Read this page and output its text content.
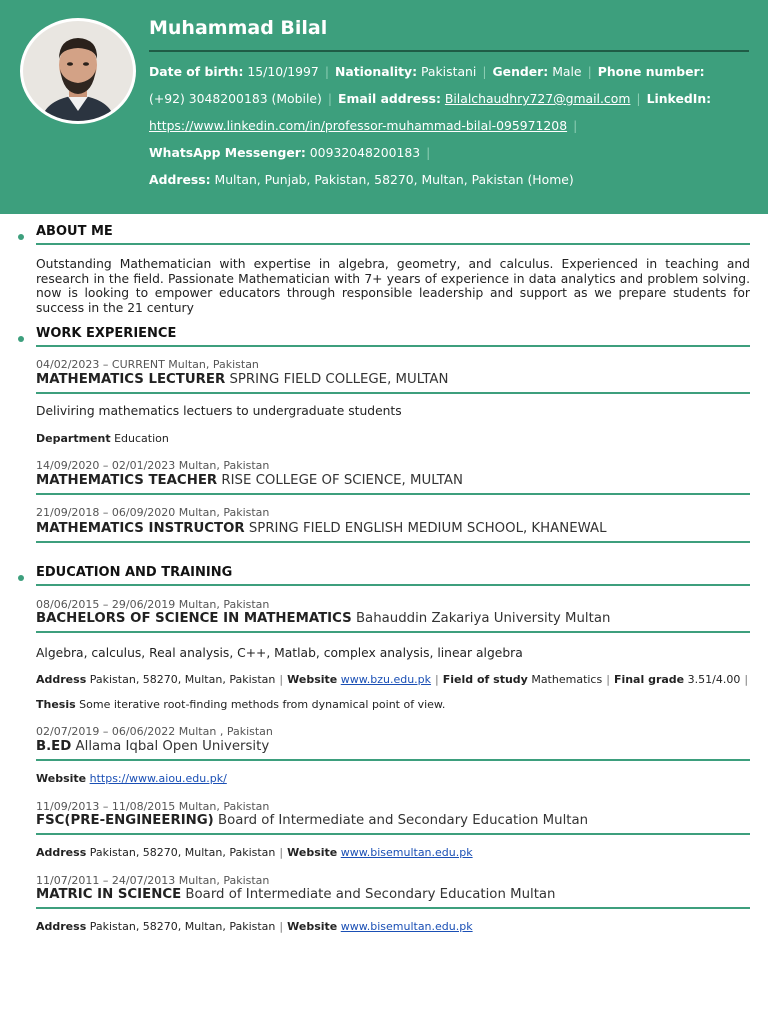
Muhammad Bilal
Date of birth: 15/10/1997 | Nationality: Pakistani | Gender: Male | Phone number:
(+92) 3048200183 (Mobile) | Email address: Bilalchaudhry727@gmail.com | LinkedIn:
https://www.linkedin.com/in/professor-muhammad-bilal-095971208 |
WhatsApp Messenger: 00932048200183 |
Address: Multan, Punjab, Pakistan, 58270, Multan, Pakistan (Home)
ABOUT ME
Outstanding Mathematician with expertise in algebra, geometry, and calculus. Experienced in teaching and research in the field. Passionate Mathematician with 7+ years of experience in data analytics and problem solving. now is looking to empower educators through responsible leadership and support as we prepare students for success in the 21 century
WORK EXPERIENCE
04/02/2023 – CURRENT Multan, Pakistan
MATHEMATICS LECTURER SPRING FIELD COLLEGE, MULTAN
Deliviring mathematics lectuers to undergraduate students
Department Education
14/09/2020 – 02/01/2023 Multan, Pakistan
MATHEMATICS TEACHER RISE COLLEGE OF SCIENCE, MULTAN
21/09/2018 – 06/09/2020 Multan, Pakistan
MATHEMATICS INSTRUCTOR SPRING FIELD ENGLISH MEDIUM SCHOOL, KHANEWAL
EDUCATION AND TRAINING
08/06/2015 – 29/06/2019 Multan, Pakistan
BACHELORS OF SCIENCE IN MATHEMATICS Bahauddin Zakariya University Multan
Algebra, calculus, Real analysis, C++, Matlab, complex analysis, linear algebra
Address Pakistan, 58270, Multan, Pakistan | Website www.bzu.edu.pk | Field of study Mathematics | Final grade 3.51/4.00 |
Thesis Some iterative root-finding methods from dynamical point of view.
02/07/2019 – 06/06/2022 Multan , Pakistan
B.ED Allama Iqbal Open University
Website https://www.aiou.edu.pk/
11/09/2013 – 11/08/2015 Multan, Pakistan
FSC(PRE-ENGINEERING) Board of Intermediate and Secondary Education Multan
Address Pakistan, 58270, Multan, Pakistan | Website www.bisemultan.edu.pk
11/07/2011 – 24/07/2013 Multan, Pakistan
MATRIC IN SCIENCE Board of Intermediate and Secondary Education Multan
Address Pakistan, 58270, Multan, Pakistan | Website www.bisemultan.edu.pk
